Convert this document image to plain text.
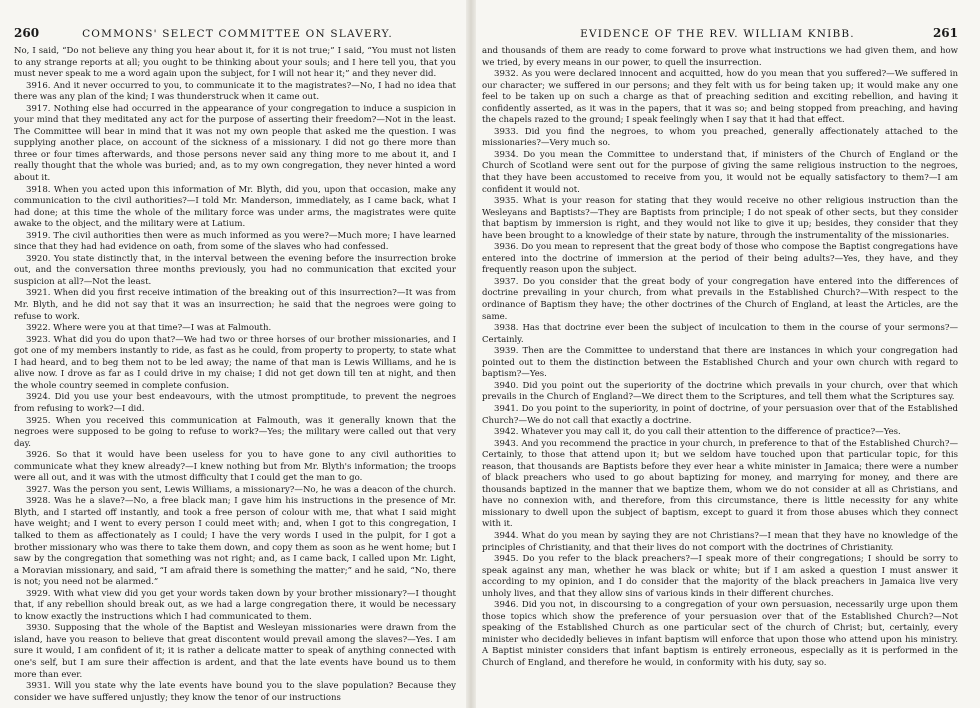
260	COMMONS' SELECT COMMITTEE ON SLAVERY.

No, I said, “Do not believe any thing you hear about it, for it is not true;” I said, “You must not listen to any strange reports at all; you ought to be thinking about your souls; and I here tell you, that you must never speak to me a word again upon the subject, for I will not hear it;” and they never did.

3916. And it never occurred to you, to communicate it to the magistrates?—No, I had no idea that there was any plan of the kind; I was thunderstruck when it came out.

3917. Nothing else had occurred in the appearance of your congregation to induce a suspicion in your mind that they meditated any act for the purpose of asserting their freedom?—Not in the least. The Committee will bear in mind that it was not my own people that asked me the question. I was supplying another place, on account of the sickness of a missionary. I did not go there more than three or four times afterwards, and those persons never said any thing more to me about it, and I really thought that the whole was buried; and, as to my own congregation, they never hinted a word about it.

3918. When you acted upon this information of Mr. Blyth, did you, upon that occasion, make any communication to the civil authorities?—I told Mr. Manderson, immediately, as I came back, what I had done; at this time the whole of the military force was under arms, the magistrates were quite awake to the object, and the military were at Latium.

3919. The civil authorities then were as much informed as you were?—Much more; I have learned since that they had had evidence on oath, from some of the slaves who had confessed.

3920. You state distinctly that, in the interval between the evening before the insurrection broke out, and the conversation three months previously, you had no communication that excited your suspicion at all?—Not the least.

3921. When did you first receive intimation of the breaking out of this insurrection?—It was from Mr. Blyth, and he did not say that it was an insurrection; he said that the negroes were going to refuse to work.

3922. Where were you at that time?—I was at Falmouth.

3923. What did you do upon that?—We had two or three horses of our brother missionaries, and I got one of my members instantly to ride, as fast as he could, from property to property, to state what I had heard, and to beg them not to be led away; the name of that man is Lewis Williams, and he is alive now. I drove as far as I could drive in my chaise; I did not get down till ten at night, and then the whole country seemed in complete confusion.

3924. Did you use your best endeavours, with the utmost promptitude, to prevent the negroes from refusing to work?—I did.

3925. When you received this communication at Falmouth, was it generally known that the negroes were supposed to be going to refuse to work?—Yes; the military were called out that very day.

3926. So that it would have been useless for you to have gone to any civil authorities to communicate what they knew already?—I knew nothing but from Mr. Blyth's information; the troops were all out, and it was with the utmost difficulty that I could get the man to go.

3927. Was the person you sent, Lewis Williams, a missionary?—No, he was a deacon of the church.

3928. Was he a slave?—No, a free black man; I gave him his instructions in the presence of Mr. Blyth, and I started off instantly, and took a free person of colour with me, that what I said might have weight; and I went to every person I could meet with; and, when I got to this congregation, I talked to them as affectionately as I could; I have the very words I used in the pulpit, for I got a brother missionary who was there to take them down, and copy them as soon as he went home; but I saw by the congregation that something was not right; and, as I came back, I called upon Mr. Light, a Moravian missionary, and said, “I am afraid there is something the matter;” and he said, “No, there is not; you need not be alarmed.”

3929. With what view did you get your words taken down by your brother missionary?—I thought that, if any rebellion should break out, as we had a large congregation there, it would be necessary to know exactly the instructions which I had communicated to them.

3930. Supposing that the whole of the Baptist and Wesleyan missionaries were drawn from the island, have you reason to believe that great discontent would prevail among the slaves?—Yes. I am sure it would, I am confident of it; it is rather a delicate matter to speak of anything connected with one's self, but I am sure their affection is ardent, and that the late events have bound us to them more than ever.

3931. Will you state why the late events have bound you to the slave population? Because they consider we have suffered unjustly; they know the tenor of our instructions

EVIDENCE OF THE REV. WILLIAM KNIBB.	261

and thousands of them are ready to come forward to prove what instructions we had given them, and how we tried, by every means in our power, to quell the insurrection.

3932. As you were declared innocent and acquitted, how do you mean that you suffered?—We suffered in our character; we suffered in our persons; and they felt with us for being taken up; it would make any one feel to be taken up on such a charge as that of preaching sedition and exciting rebellion, and having it confidently asserted, as it was in the papers, that it was so; and being stopped from preaching, and having the chapels razed to the ground; I speak feelingly when I say that it had that effect.

3933. Did you find the negroes, to whom you preached, generally affectionately attached to the missionaries?—Very much so.

3934. Do you mean the Committee to understand that, if ministers of the Church of England or the Church of Scotland were sent out for the purpose of giving the same religious instruction to the negroes, that they have been accustomed to receive from you, it would not be equally satisfactory to them?—I am confident it would not.

3935. What is your reason for stating that they would receive no other religious instruction than the Wesleyans and Baptists?—They are Baptists from principle; I do not speak of other sects, but they consider that baptism by immersion is right, and they would not like to give it up; besides, they consider that they have been brought to a knowledge of their state by nature, through the instrumentality of the missionaries.

3936. Do you mean to represent that the great body of those who compose the Baptist congregations have entered into the doctrine of immersion at the period of their being adults?—Yes, they have, and they frequently reason upon the subject.

3937. Do you consider that the great body of your congregation have entered into the differences of doctrine prevailing in your church, from what prevails in the Established Church?—With respect to the ordinance of Baptism they have; the other doctrines of the Church of England, at least the Articles, are the same.

3938. Has that doctrine ever been the subject of inculcation to them in the course of your sermons?—Certainly.

3939. Then are the Committee to understand that there are instances in which your congregation had pointed out to them the distinction between the Established Church and your own church with regard to baptism?—Yes.

3940. Did you point out the superiority of the doctrine which prevails in your church, over that which prevails in the Church of England?—We direct them to the Scriptures, and tell them what the Scriptures say.

3941. Do you point to the superiority, in point of doctrine, of your persuasion over that of the Established Church?—We do not call that exactly a doctrine.

3942. Whatever you may call it, do you call their attention to the difference of practice?—Yes.

3943. And you recommend the practice in your church, in preference to that of the Established Church?—Certainly, to those that attend upon it; but we seldom have touched upon that particular topic, for this reason, that thousands are Baptists before they ever hear a white minister in Jamaica; there were a number of black preachers who used to go about baptizing for money, and marrying for money, and there are thousands baptized in the manner that we baptize them, whom we do not consider at all as Christians, and have no connexion with, and therefore, from this circumstance, there is little necessity for any white missionary to dwell upon the subject of baptism, except to guard it from those abuses which they connect with it.

3944. What do you mean by saying they are not Christians?—I mean that they have no knowledge of the principles of Christianity, and that their lives do not comport with the doctrines of Christianity.

3945. Do you refer to the black preachers?—I speak more of their congregations; I should be sorry to speak against any man, whether he was black or white; but if I am asked a question I must answer it according to my opinion, and I do consider that the majority of the black preachers in Jamaica live very unholy lives, and that they allow sins of various kinds in their different churches.

3946. Did you not, in discoursing to a congregation of your own persuasion, necessarily urge upon them those topics which show the preference of your persuasion over that of the Established Church?—Not speaking of the Established Church as one particular sect of the church of Christ; but, certainly, every minister who decidedly believes in infant baptism will enforce that upon those who attend upon his ministry. A Baptist minister considers that infant baptism is entirely erroneous, especially as it is performed in the Church of England, and therefore he would, in conformity with his duty, say so.
